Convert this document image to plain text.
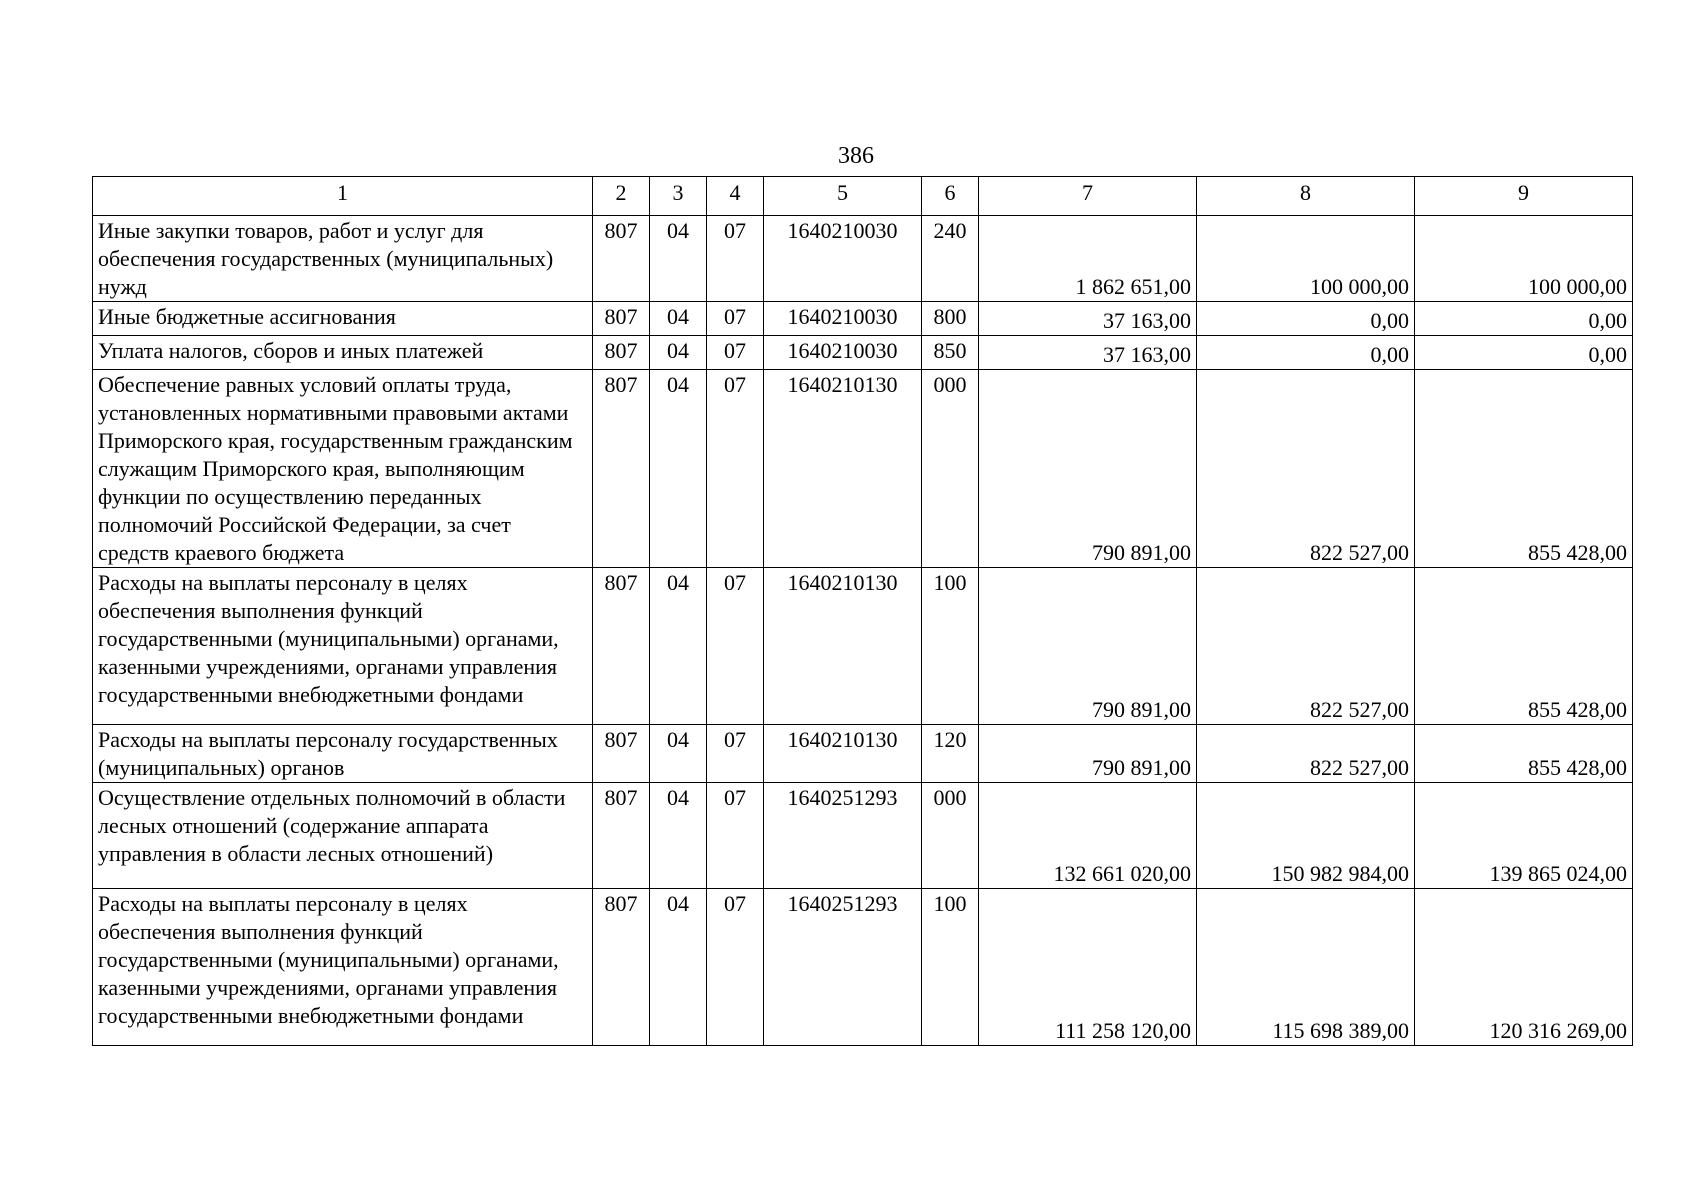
386
1	2	3	4	5	6	7	8	9
Иные закупки товаров, работ и услуг для обеспечения государственных (муниципальных) нужд	807	04	07	1640210030	240	1 862 651,00	100 000,00	100 000,00
Иные бюджетные ассигнования	807	04	07	1640210030	800	37 163,00	0,00	0,00
Уплата налогов, сборов и иных платежей	807	04	07	1640210030	850	37 163,00	0,00	0,00
Обеспечение равных условий оплаты труда, установленных нормативными правовыми актами Приморского края, государственным гражданским служащим Приморского края, выполняющим функции по осуществлению переданных полномочий Российской Федерации, за счет средств краевого бюджета	807	04	07	1640210130	000	790 891,00	822 527,00	855 428,00
Расходы на выплаты персоналу в целях обеспечения выполнения функций государственными (муниципальными) органами, казенными учреждениями, органами управления государственными внебюджетными фондами	807	04	07	1640210130	100	790 891,00	822 527,00	855 428,00
Расходы на выплаты персоналу государственных (муниципальных) органов	807	04	07	1640210130	120	790 891,00	822 527,00	855 428,00
Осуществление отдельных полномочий в области лесных отношений (содержание аппарата управления в области лесных отношений)	807	04	07	1640251293	000	132 661 020,00	150 982 984,00	139 865 024,00
Расходы на выплаты персоналу в целях обеспечения выполнения функций государственными (муниципальными) органами, казенными учреждениями, органами управления государственными внебюджетными фондами	807	04	07	1640251293	100	111 258 120,00	115 698 389,00	120 316 269,00
